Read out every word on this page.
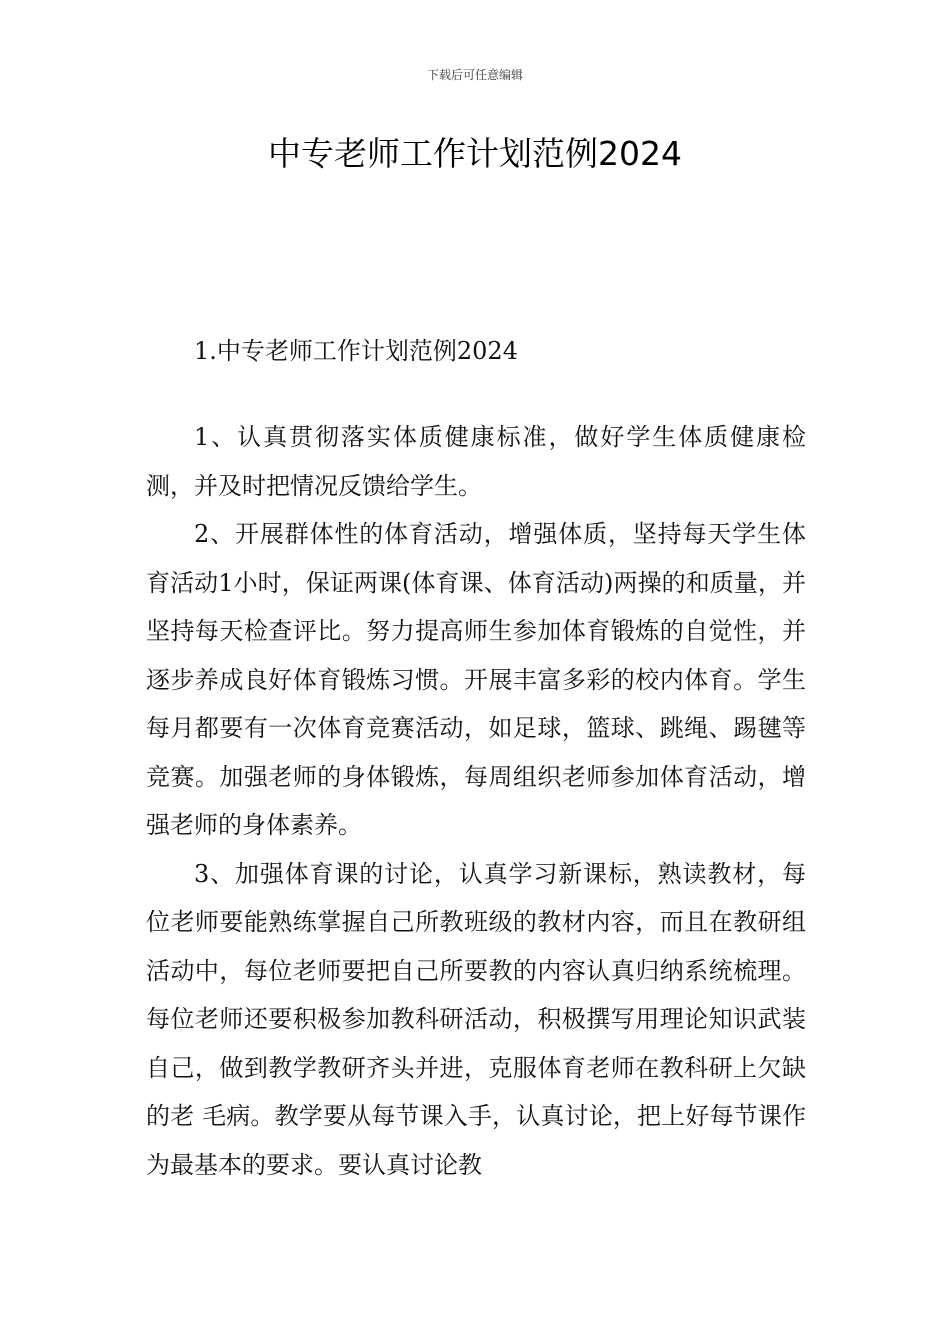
下载后可任意编辑
中专老师工作计划范例2024

1.中专老师工作计划范例2024

1、认真贯彻落实体质健康标准，做好学生体质健康检测，并及时把情况反馈给学生。

2、开展群体性的体育活动，增强体质，坚持每天学生体育活动1小时，保证两课(体育课、体育活动)两操的和质量，并坚持每天检查评比。努力提高师生参加体育锻炼的自觉性，并逐步养成良好体育锻炼习惯。开展丰富多彩的校内体育。学生每月都要有一次体育竞赛活动，如足球，篮球、跳绳、踢毽等竞赛。加强老师的身体锻炼，每周组织老师参加体育活动，增强老师的身体素养。

3、加强体育课的讨论，认真学习新课标，熟读教材，每位老师要能熟练掌握自己所教班级的教材内容，而且在教研组活动中，每位老师要把自己所要教的内容认真归纳系统梳理。每位老师还要积极参加教科研活动，积极撰写用理论知识武装自己，做到教学教研齐头并进，克服体育老师在教科研上欠缺的老 毛病。教学要从每节课入手，认真讨论，把上好每节课作为最基本的要求。要认真讨论教
